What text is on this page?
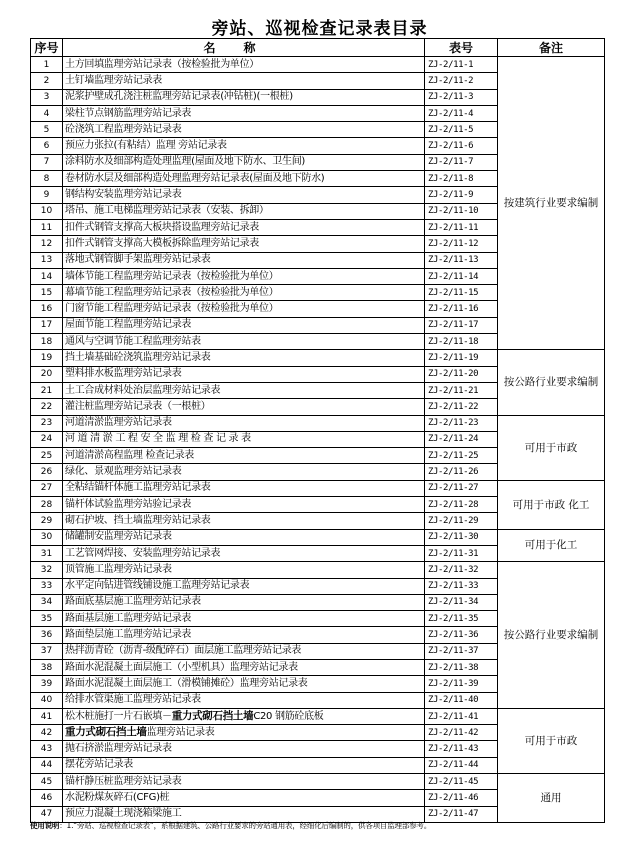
旁站、巡视检查记录表目录
序号	名 称	表号	备注
1	土方回填监理旁站记录表（按检验批为单位）	ZJ-2/11-1	按建筑行业要求编制
2	土钉墙监理旁站记录表	ZJ-2/11-2	
3	泥浆护壁成孔浇注桩监理旁站记录表(冲钻桩)(一根桩)	ZJ-2/11-3	
4	梁柱节点钢筋监理旁站记录表	ZJ-2/11-4	
5	砼浇筑工程监理旁站记录表	ZJ-2/11-5	
6	预应力张拉(有粘结）监理 旁站记录表	ZJ-2/11-6	
7	涂料防水及细部构造处理监理(屋面及地下防水、卫生间)	ZJ-2/11-7	
8	卷材防水层及细部构造处理监理旁站记录表(屋面及地下防水)	ZJ-2/11-8	
9	钢结构安装监理旁站记录表	ZJ-2/11-9	
10	塔吊、施工电梯监理旁站记录表（安装、拆卸）	ZJ-2/11-10	
11	扣件式钢管支撑高大板块搭设监理旁站记录表	ZJ-2/11-11	
12	扣件式钢管支撑高大模板拆除监理旁站记录表	ZJ-2/11-12	
13	落地式钢管脚手架监理旁站记录表	ZJ-2/11-13	
14	墙体节能工程监理旁站记录表（按检验批为单位）	ZJ-2/11-14	
15	幕墙节能工程监理旁站记录表（按检验批为单位）	ZJ-2/11-15	
16	门窗节能工程监理旁站记录表（按检验批为单位）	ZJ-2/11-16	
17	屋面节能工程监理旁站记录表	ZJ-2/11-17	
18	通风与空调节能工程监理旁站表	ZJ-2/11-18	
19	挡土墙基础砼浇筑监理旁站记录表	ZJ-2/11-19	按公路行业要求编制
20	塑料排水板监理旁站记录表	ZJ-2/11-20	
21	土工合成材料处治层监理旁站记录表	ZJ-2/11-21	
22	灌注桩监理旁站记录表（一根桩）	ZJ-2/11-22	
23	河道清淤监理旁站记录表	ZJ-2/11-23	可用于市政
24	河 道 清 淤 工 程 安 全 监 理 检 查 记 录 表	ZJ-2/11-24	
25	河道清淤高程监理 检查记录表	ZJ-2/11-25	
26	绿化、景观监理旁站记录表	ZJ-2/11-26	
27	全粘结锚杆体施工监理旁站记录表	ZJ-2/11-27	可用于市政 化工
28	锚杆体试验监理旁站验记录表	ZJ-2/11-28	
29	砌石护坡、挡土墙监理旁站记录表	ZJ-2/11-29	
30	储罐制安监理旁站记录表	ZJ-2/11-30	可用于化工
31	工艺管网焊接、安装监理旁站记录表	ZJ-2/11-31	
32	顶管施工监理旁站记录表	ZJ-2/11-32	按公路行业要求编制
33	水平定向钻进管线铺设施工监理旁站记录表	ZJ-2/11-33	
34	路面底基层施工监理旁站记录表	ZJ-2/11-34	
35	路面基层施工监理旁站记录表	ZJ-2/11-35	
36	路面垫层施工监理旁站记录表	ZJ-2/11-36	
37	热拌沥青砼（沥青-级配碎石）面层施工监理旁站记录表	ZJ-2/11-37	
38	路面水泥混凝土面层施工（小型机具）监理旁站记录表	ZJ-2/11-38	
39	路面水泥混凝土面层施工（滑模铺摊砼）监理旁站记录表	ZJ-2/11-39	
40	给排水管渠施工监理旁站记录表	ZJ-2/11-40	
41	松木桩施打一片石嵌填－重力式砌石挡土墙C20 钢筋砼底板	ZJ-2/11-41	可用于市政
42	重力式砌石挡土墙监理旁站记录表	ZJ-2/11-42	
43	抛石挤淤监理旁站记录表	ZJ-2/11-43	
44	摆花旁站记录表	ZJ-2/11-44	
45	锚杆静压桩监理旁站记录表	ZJ-2/11-45	通用
46	水泥粉煤灰碎石(CFG)桩	ZJ-2/11-46	
47	预应力混凝土现浇箱梁施工	ZJ-2/11-47	
使用说明：1.“旁站、巡视检查记录表”，系根据建筑、公路行业要求的旁站通用表，经细化后编制的，供各项目监理部参考。
